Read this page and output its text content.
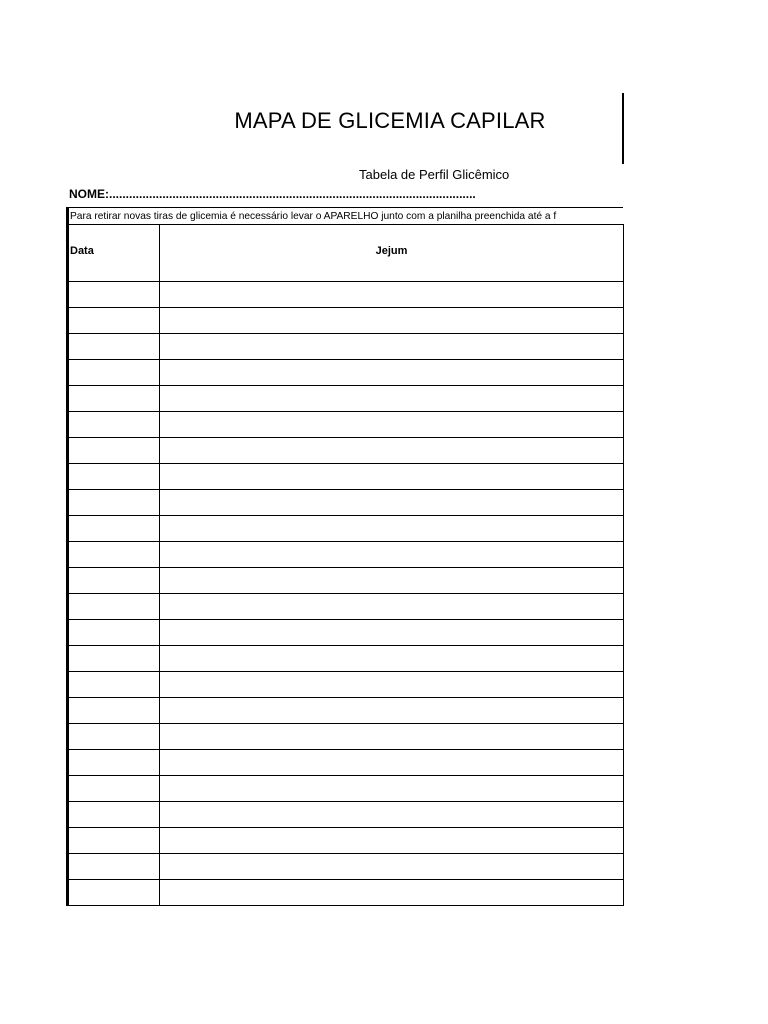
MAPA DE GLICEMIA CAPILAR
Tabela de Perfil Glicêmico
NOME:..............................................................................................................
Para retirar novas tiras de glicemia é necessário levar o APARELHO junto com a planilha preenchida até a f
Data	Jejum
